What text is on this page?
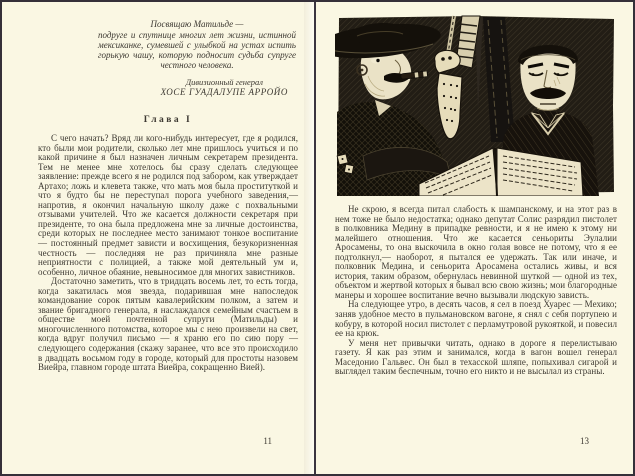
Посвящаю Матильде —
подруге и спутнице многих лет жизни, истинной мексиканке, сумевшей с улыбкой на устах испить горькую чашу, которую подносит судьба супруге честного человека.
Дивизионный генерал
ХОСЕ ГУАДАЛУПЕ АРРОЙО
Глава I

С чего начать? Вряд ли кого-нибудь интересует, где я родился, кто были мои родители, сколько лет мне пришлось учиться и по какой причине я был назначен личным секретарем президента. Тем не менее мне хотелось бы сразу сделать следующее заявление: прежде всего я не родился под забором, как утверждает Артахо; ложь и клевета также, что мать моя была проституткой и что я будто бы не переступал порога учебного заведения,— напротив, я окончил начальную школу даже с похвальными отзывами учителей. Что же касается должности секретаря при президенте, то она была предложена мне за личные достоинства, среди которых не последнее место занимают тонкое воспитание — постоянный предмет зависти и восхищения, безукоризненная честность — последняя не раз причиняла мне разные неприятности с полицией, а также мой деятельный ум и, особенно, личное обаяние, невыносимое для многих завистников.

Достаточно заметить, что в тридцать восемь лет, то есть тогда, когда закатилась моя звезда, подарившая мне напоследок командование сорок пятым кавалерийским полком, а затем и звание бригадного генерала, я наслаждался семейным счастьем в обществе моей почтенной супруги (Матильды) и многочисленного потомства, которое мы с нею произвели на свет, когда вдруг получил письмо — я храню его по сию пору — следующего содержания (скажу заранее, что все это происходило в двадцать восьмом году в городе, который для простоты назовем Виейра, главном городе штата Виейра, сокращенно Вией).

11

Не скрою, я всегда питал слабость к шампанскому, и на этот раз в нем тоже не было недостатка; однако депутат Солис разрядил пистолет в полковника Медину в припадке ревности, и я не имею к этому ни малейшего отношения. Что же касается сеньориты Эулалии Аросамены, то она выскочила в окно голая вовсе не потому, что я ее подтолкнул,— наоборот, я пытался ее удержать. Так или иначе, и полковник Медина, и сеньорита Аросамена остались живы, и вся история, таким образом, обернулась невинной шуткой — одной из тех, объектом и жертвой которых я бывал всю свою жизнь; мои благородные манеры и хорошее воспитание вечно вызывали людскую зависть.

На следующее утро, в десять часов, я сел в поезд Хуарес — Мехико; заняв удобное место в пульмановском вагоне, я снял с себя портупею и кобуру, в которой носил пистолет с перламутровой рукояткой, и повесил ее на крюк.

У меня нет привычки читать, однако в дороге я перелистываю газету. Я как раз этим и занимался, когда в вагон вошел генерал Маседонио Гальвес. Он был в техасской шляпе, попыхивал сигарой и выглядел таким беспечным, точно его никто и не высылал из страны.

13
